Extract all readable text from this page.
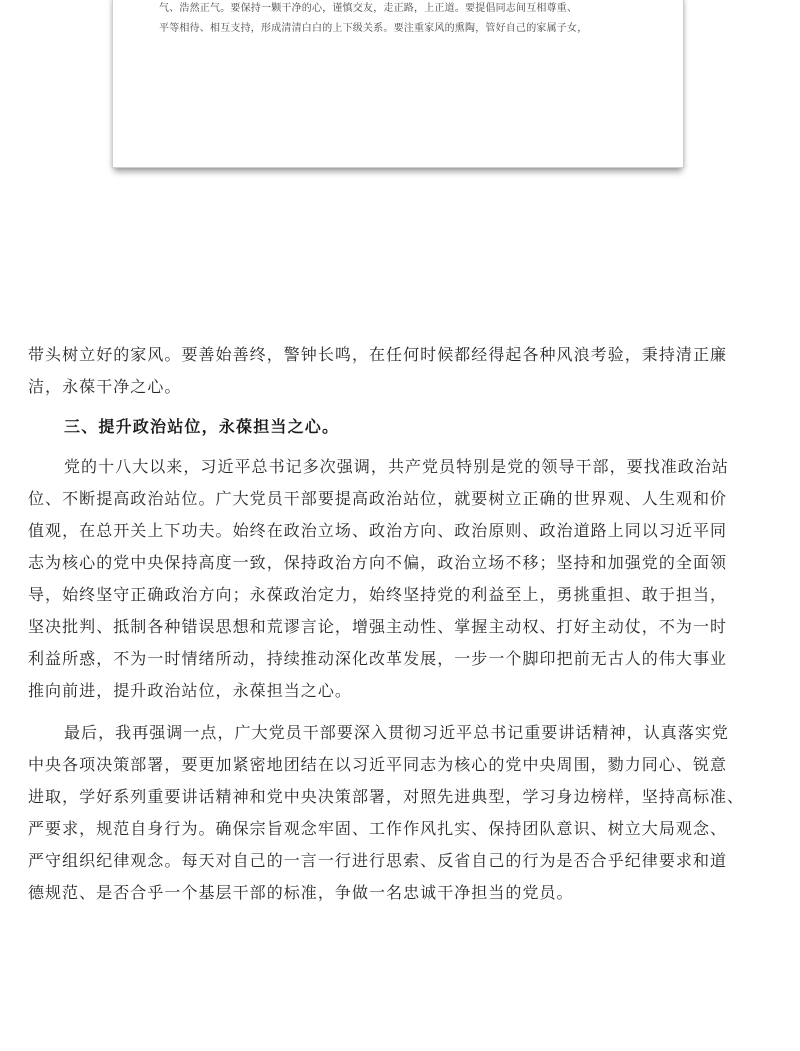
气、浩然正气。要保持一颗干净的心，谨慎交友，走正路，上正道。要提倡同志间互相尊重、
平等相待、相互支持，形成清清白白的上下级关系。要注重家风的熏陶，管好自己的家属子女，

带头树立好的家风。要善始善终，警钟长鸣，在任何时候都经得起各种风浪考验，秉持清正廉
洁，永葆干净之心。

三、提升政治站位，永葆担当之心。

党的十八大以来，习近平总书记多次强调，共产党员特别是党的领导干部，要找准政治站
位、不断提高政治站位。广大党员干部要提高政治站位，就要树立正确的世界观、人生观和价
值观，在总开关上下功夫。始终在政治立场、政治方向、政治原则、政治道路上同以习近平同
志为核心的党中央保持高度一致，保持政治方向不偏，政治立场不移；坚持和加强党的全面领
导，始终坚守正确政治方向；永葆政治定力，始终坚持党的利益至上，勇挑重担、敢于担当，
坚决批判、抵制各种错误思想和荒谬言论，增强主动性、掌握主动权、打好主动仗，不为一时
利益所惑，不为一时情绪所动，持续推动深化改革发展，一步一个脚印把前无古人的伟大事业
推向前进，提升政治站位，永葆担当之心。

最后，我再强调一点，广大党员干部要深入贯彻习近平总书记重要讲话精神，认真落实党
中央各项决策部署，要更加紧密地团结在以习近平同志为核心的党中央周围，勠力同心、锐意
进取，学好系列重要讲话精神和党中央决策部署，对照先进典型，学习身边榜样，坚持高标准、
严要求，规范自身行为。确保宗旨观念牢固、工作作风扎实、保持团队意识、树立大局观念、
严守组织纪律观念。每天对自己的一言一行进行思索、反省自己的行为是否合乎纪律要求和道
德规范、是否合乎一个基层干部的标准，争做一名忠诚干净担当的党员。
